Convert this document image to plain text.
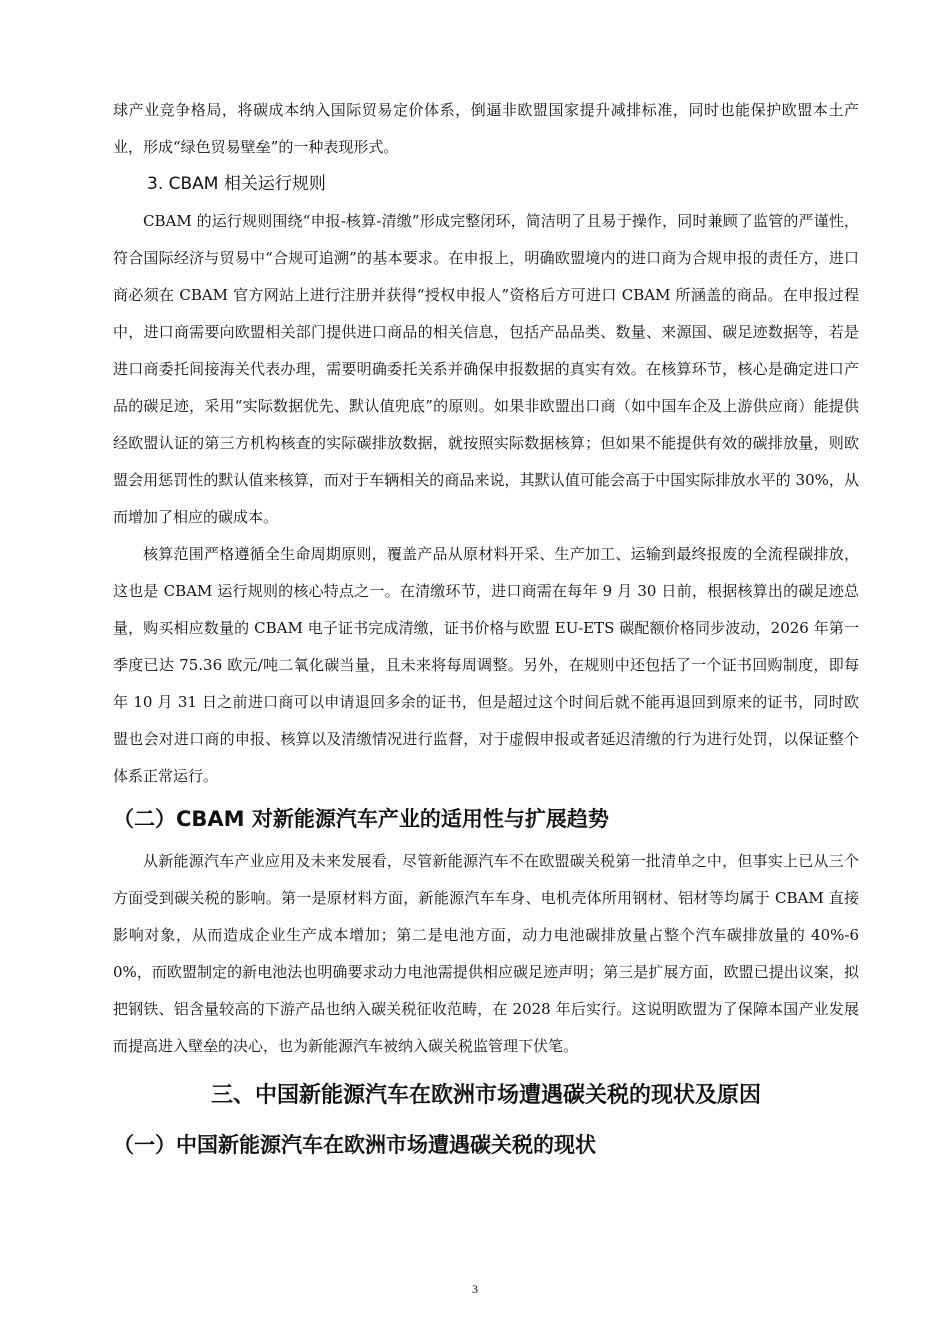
球产业竞争格局，将碳成本纳入国际贸易定价体系，倒逼非欧盟国家提升减排标准，同时也能保护欧盟本土产业，形成“绿色贸易壁垒”的一种表现形式。

3. CBAM 相关运行规则

CBAM 的运行规则围绕“申报-核算-清缴”形成完整闭环，简洁明了且易于操作，同时兼顾了监管的严谨性，符合国际经济与贸易中“合规可追溯”的基本要求。在申报上，明确欧盟境内的进口商为合规申报的责任方，进口商必须在 CBAM 官方网站上进行注册并获得“授权申报人”资格后方可进口 CBAM 所涵盖的商品。在申报过程中，进口商需要向欧盟相关部门提供进口商品的相关信息，包括产品品类、数量、来源国、碳足迹数据等，若是进口商委托间接海关代表办理，需要明确委托关系并确保申报数据的真实有效。在核算环节，核心是确定进口产品的碳足迹，采用“实际数据优先、默认值兜底”的原则。如果非欧盟出口商（如中国车企及上游供应商）能提供经欧盟认证的第三方机构核查的实际碳排放数据，就按照实际数据核算；但如果不能提供有效的碳排放量，则欧盟会用惩罚性的默认值来核算，而对于车辆相关的商品来说，其默认值可能会高于中国实际排放水平的 30%，从而增加了相应的碳成本。

核算范围严格遵循全生命周期原则，覆盖产品从原材料开采、生产加工、运输到最终报废的全流程碳排放，这也是 CBAM 运行规则的核心特点之一。在清缴环节，进口商需在每年 9 月 30 日前，根据核算出的碳足迹总量，购买相应数量的 CBAM 电子证书完成清缴，证书价格与欧盟 EU-ETS 碳配额价格同步波动，2026 年第一季度已达 75.36 欧元/吨二氧化碳当量，且未来将每周调整。另外，在规则中还包括了一个证书回购制度，即每年 10 月 31 日之前进口商可以申请退回多余的证书，但是超过这个时间后就不能再退回到原来的证书，同时欧盟也会对进口商的申报、核算以及清缴情况进行监督，对于虚假申报或者延迟清缴的行为进行处罚，以保证整个体系正常运行。

（二）CBAM 对新能源汽车产业的适用性与扩展趋势

从新能源汽车产业应用及未来发展看，尽管新能源汽车不在欧盟碳关税第一批清单之中，但事实上已从三个方面受到碳关税的影响。第一是原材料方面，新能源汽车车身、电机壳体所用钢材、铝材等均属于 CBAM 直接影响对象，从而造成企业生产成本增加；第二是电池方面，动力电池碳排放量占整个汽车碳排放量的 40%-60%，而欧盟制定的新电池法也明确要求动力电池需提供相应碳足迹声明；第三是扩展方面，欧盟已提出议案，拟把钢铁、铝含量较高的下游产品也纳入碳关税征收范畴，在 2028 年后实行。这说明欧盟为了保障本国产业发展而提高进入壁垒的决心，也为新能源汽车被纳入碳关税监管理下伏笔。

三、中国新能源汽车在欧洲市场遭遇碳关税的现状及原因

（一）中国新能源汽车在欧洲市场遭遇碳关税的现状

3
